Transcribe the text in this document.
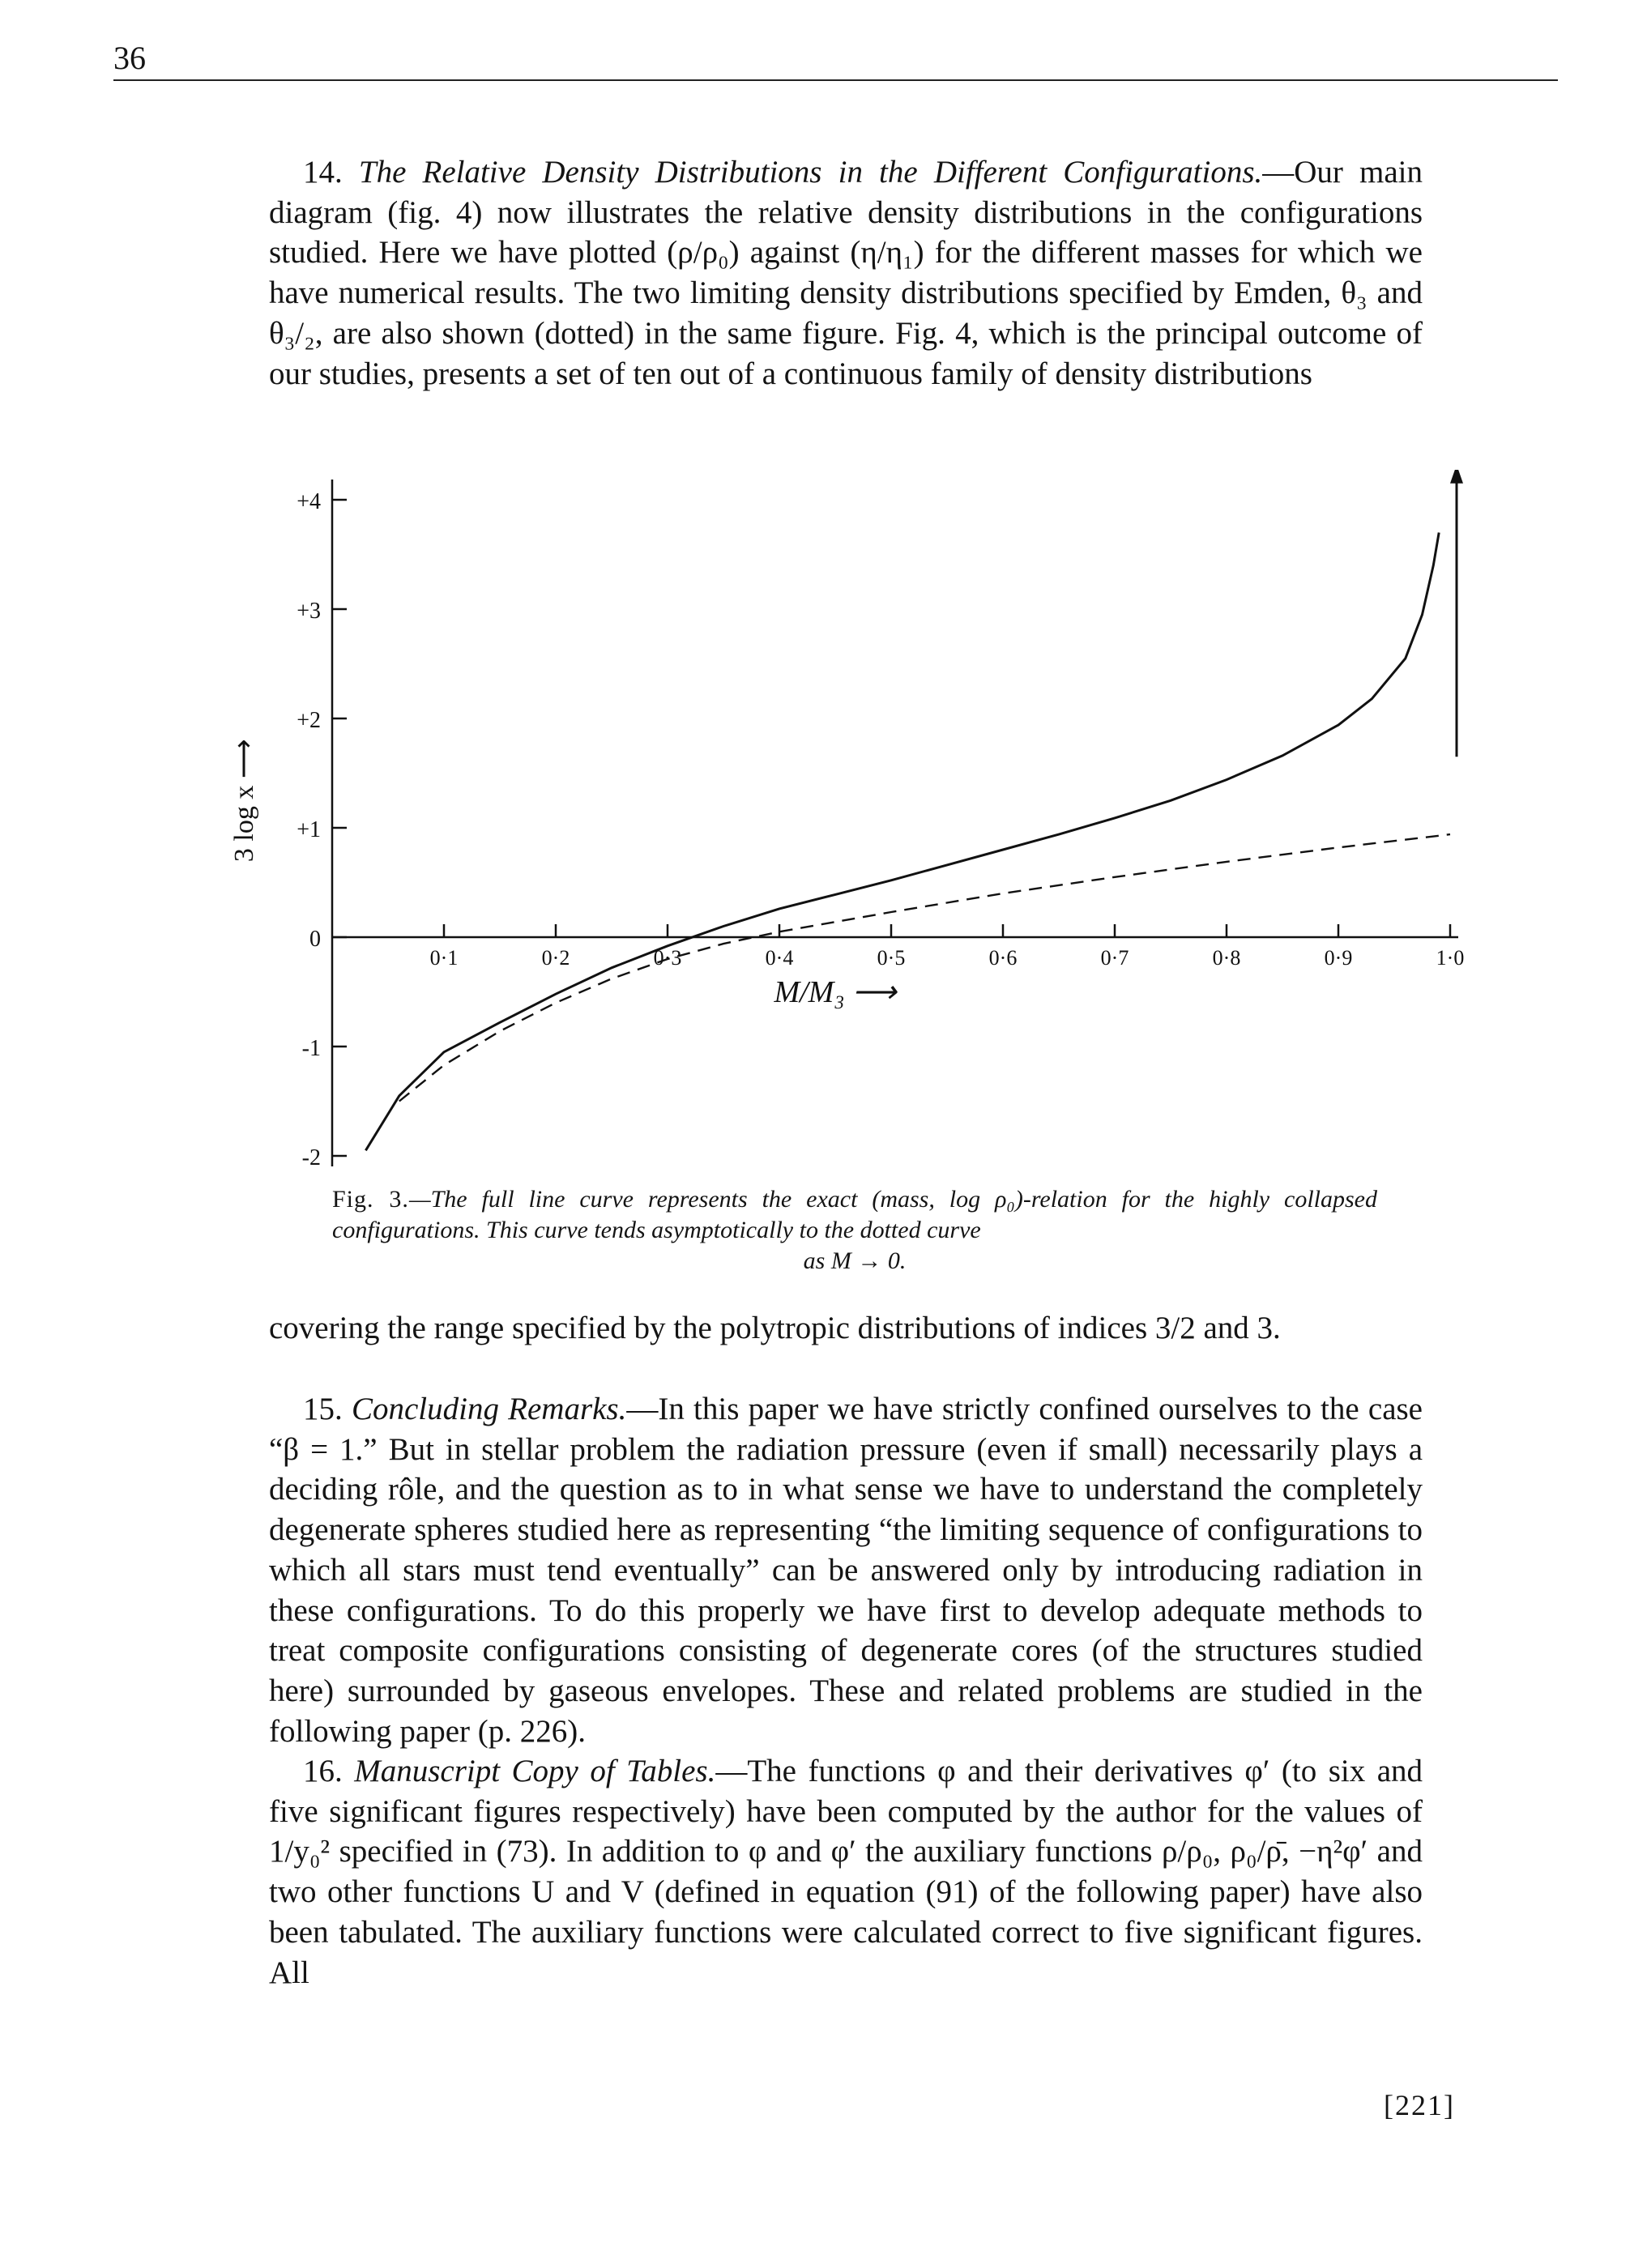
36

14. The Relative Density Distributions in the Different Configurations.—Our main diagram (fig. 4) now illustrates the relative density distributions in the configurations studied. Here we have plotted (ρ/ρ₀) against (η/η₁) for the different masses for which we have numerical results. The two limiting density distributions specified by Emden, θ₃ and θ₃/₂, are also shown (dotted) in the same figure. Fig. 4, which is the principal outcome of our studies, presents a set of ten out of a continuous family of density distributions

+4
+3
+2
+1
0
-1
-2
0·1	0·2	0·3	0·4	0·5	0·6	0·7	0·8	0·9	1·0
M/M₃ ⟶
3 log x ⟶
Fig. 3.—The full line curve represents the exact (mass, log ρ₀)-relation for the highly collapsed configurations. This curve tends asymptotically to the dotted curve
as M → 0.

covering the range specified by the polytropic distributions of indices 3/2 and 3.

15. Concluding Remarks.—In this paper we have strictly confined ourselves to the case “β = 1.” But in stellar problem the radiation pressure (even if small) necessarily plays a deciding rôle, and the question as to in what sense we have to understand the completely degenerate spheres studied here as representing “the limiting sequence of configurations to which all stars must tend eventually” can be answered only by introducing radiation in these configurations. To do this properly we have first to develop adequate methods to treat composite configurations consisting of degenerate cores (of the structures studied here) surrounded by gaseous envelopes. These and related problems are studied in the following paper (p. 226).

16. Manuscript Copy of Tables.—The functions φ and their derivatives φ′ (to six and five significant figures respectively) have been computed by the author for the values of 1/y₀² specified in (73). In addition to φ and φ′ the auxiliary functions ρ/ρ₀, ρ₀/ρ̄, −η²φ′ and two other functions U and V (defined in equation (91) of the following paper) have also been tabulated. The auxiliary functions were calculated correct to five significant figures. All

[221]
